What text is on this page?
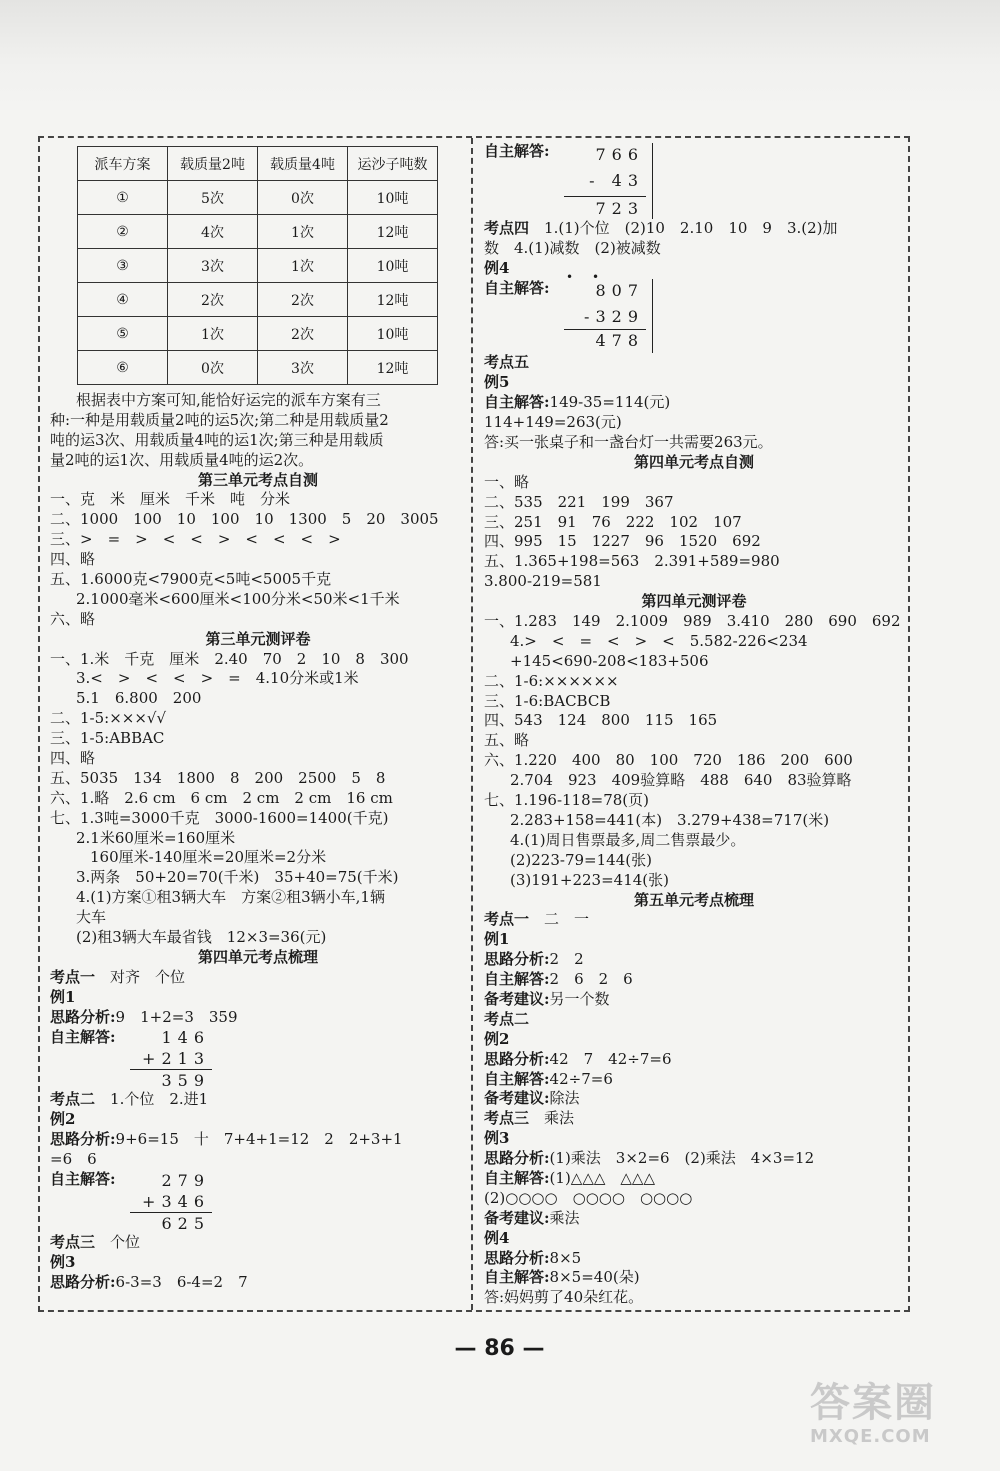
派车方案	载质量2吨	载质量4吨	运沙子吨数
①	5次	0次	10吨
②	4次	1次	12吨
③	3次	1次	10吨
④	2次	2次	12吨
⑤	1次	2次	10吨
⑥	0次	3次	12吨
根据表中方案可知,能恰好运完的派车方案有三
种:一种是用载质量2吨的运5次;第二种是用载质量2
吨的运3次、用载质量4吨的运1次;第三种是用载质
量2吨的运1次、用载质量4吨的运2次。
第三单元考点自测
一、克　米　厘米　千米　吨　分米
二、1000　100　10　100　10　1300　5　20　3005
三、>　=　>　<　<　>　<　<　<　>
四、略
五、1.6000克<7900克<5吨<5005千克
2.1000毫米<600厘米<100分米<50米<1千米
六、略
第三单元测评卷
一、1.米　千克　厘米　2.40　70　2　10　8　300
3.<　>　<　<　>　=　4.10分米或1米
5.1　6.800　200
二、1-5:×××√√
三、1-5:ABBAC
四、略
五、5035　134　1800　8　200　2500　5　8
六、1.略　2.6 cm　6 cm　2 cm　2 cm　16 cm
七、1.3吨=3000千克　3000-1600=1400(千克)
2.1米60厘米=160厘米
160厘米-140厘米=20厘米=2分米
3.两条　50+20=70(千米)　35+40=75(千米)
4.(1)方案①租3辆大车　方案②租3辆小车,1辆
大车
(2)租3辆大车最省钱　12×3=36(元)
第四单元考点梳理
考点一　 对齐　个位
例1
思路分析:9　1+2=3　359
自主解答:	146
+213
359
考点二　 1.个位　2.进1
例2
思路分析:9+6=15　十　7+4+1=12　2　2+3+1
=6　6
自主解答:	279
+346
625
考点三　 个位
例3
思路分析:6-3=3　6-4=2　7
自主解答:	766
- 43
723
考点四　 1.(1)个位　(2)10　2.10　10　9　3.(2)加
数　4.(1)减数　(2)被减数
例4
自主解答:
• •
807
-329
478
考点五
例5
自主解答:149-35=114(元)
114+149=263(元)
答:买一张桌子和一盏台灯一共需要263元。
第四单元考点自测
一、略
二、535　221　199　367
三、251　91　76　222　102　107
四、995　15　1227　96　1520　692
五、1.365+198=563　2.391+589=980
3.800-219=581
第四单元测评卷
一、1.283　149　2.1009　989　3.410　280　690　692
4.>　<　=　<　>　<　5.582-226<234
+145<690-208<183+506
二、1-6:××××××
三、1-6:BACBCB
四、543　124　800　115　165
五、略
六、1.220　400　80　100　720　186　200　600
2.704　923　409验算略　488　640　83验算略
七、1.196-118=78(页)
2.283+158=441(本)　3.279+438=717(米)
4.(1)周日售票最多,周二售票最少。
(2)223-79=144(张)
(3)191+223=414(张)
第五单元考点梳理
考点一　 二　一
例1
思路分析:2　2
自主解答:2　6　2　6
备考建议:另一个数
考点二
例2
思路分析:42　7　42÷7=6
自主解答:42÷7=6
备考建议:除法
考点三　 乘法
例3
思路分析:(1)乘法　3×2=6　(2)乘法　4×3=12
自主解答:(1)△△△　△△△
(2)○○○○　○○○○　○○○○
备考建议:乘法
例4
思路分析:8×5
自主解答:8×5=40(朵)
答:妈妈剪了40朵红花。
— 86 —
答案圈
MXQE.COM
